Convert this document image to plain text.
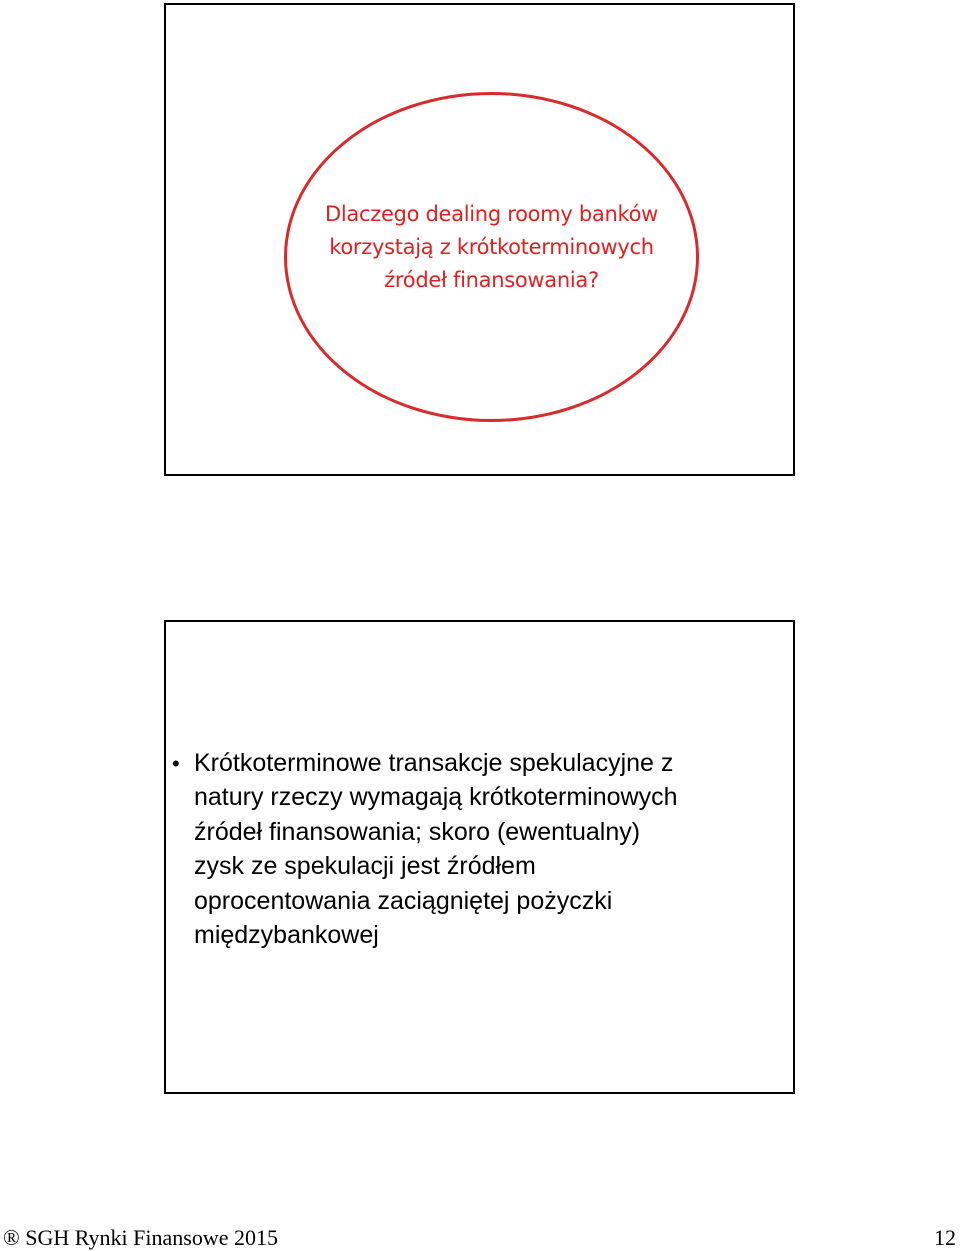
Dlaczego dealing roomy banków
korzystają z krótkoterminowych
źródeł finansowania?

• Krótkoterminowe transakcje spekulacyjne z
natury rzeczy wymagają krótkoterminowych
źródeł finansowania; skoro (ewentualny)
zysk ze spekulacji jest źródłem
oprocentowania zaciągniętej pożyczki
międzybankowej
® SGH Rynki Finansowe 2015	12
